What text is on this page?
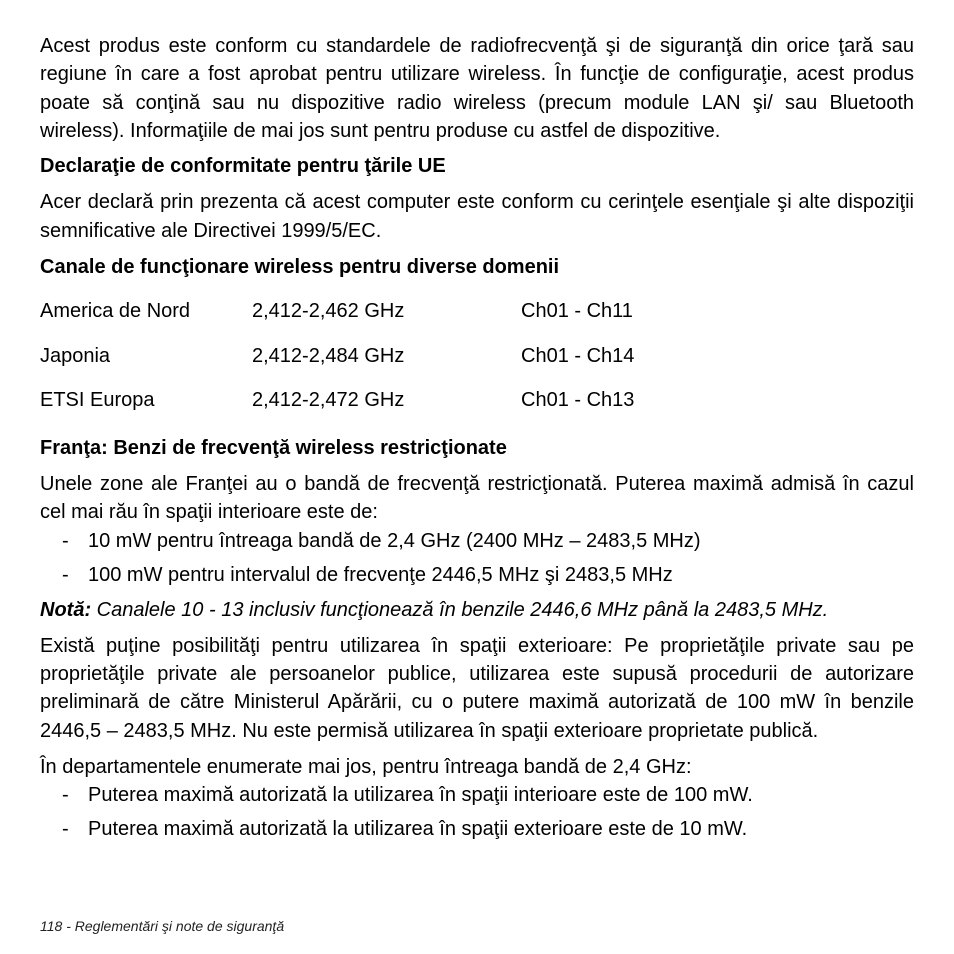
Acest produs este conform cu standardele de radiofrecvenţă şi de siguranţă din orice ţară sau regiune în care a fost aprobat pentru utilizare wireless. În funcţie de configuraţie, acest produs poate să conţină sau nu dispozitive radio wireless (precum module LAN şi/ sau Bluetooth wireless). Informaţiile de mai jos sunt pentru produse cu astfel de dispozitive.

Declaraţie de conformitate pentru ţările UE

Acer declară prin prezenta că acest computer este conform cu cerinţele esenţiale şi alte dispoziţii semnificative ale Directivei 1999/5/EC.

Canale de funcţionare wireless pentru diverse domenii

America de Nord	2,412-2,462 GHz	Ch01 - Ch11
Japonia	2,412-2,484 GHz	Ch01 - Ch14
ETSI Europa	2,412-2,472 GHz	Ch01 - Ch13

Franţa: Benzi de frecvenţă wireless restricţionate

Unele zone ale Franţei au o bandă de frecvenţă restricţionată. Puterea maximă admisă în cazul cel mai rău în spaţii interioare este de:

- 10 mW pentru întreaga bandă de 2,4 GHz (2400 MHz – 2483,5 MHz)
- 100 mW pentru intervalul de frecvenţe 2446,5 MHz şi 2483,5 MHz

Notă: Canalele 10 - 13 inclusiv funcţionează în benzile 2446,6 MHz până la 2483,5 MHz.

Există puţine posibilităţi pentru utilizarea în spaţii exterioare: Pe proprietăţile private sau pe proprietăţile private ale persoanelor publice, utilizarea este supusă procedurii de autorizare preliminară de către Ministerul Apărării, cu o putere maximă autorizată de 100 mW în benzile 2446,5 – 2483,5 MHz. Nu este permisă utilizarea în spaţii exterioare proprietate publică.

În departamentele enumerate mai jos, pentru întreaga bandă de 2,4 GHz:

- Puterea maximă autorizată la utilizarea în spaţii interioare este de 100 mW.
- Puterea maximă autorizată la utilizarea în spaţii exterioare este de 10 mW.
118 - Reglementări şi note de siguranţă
